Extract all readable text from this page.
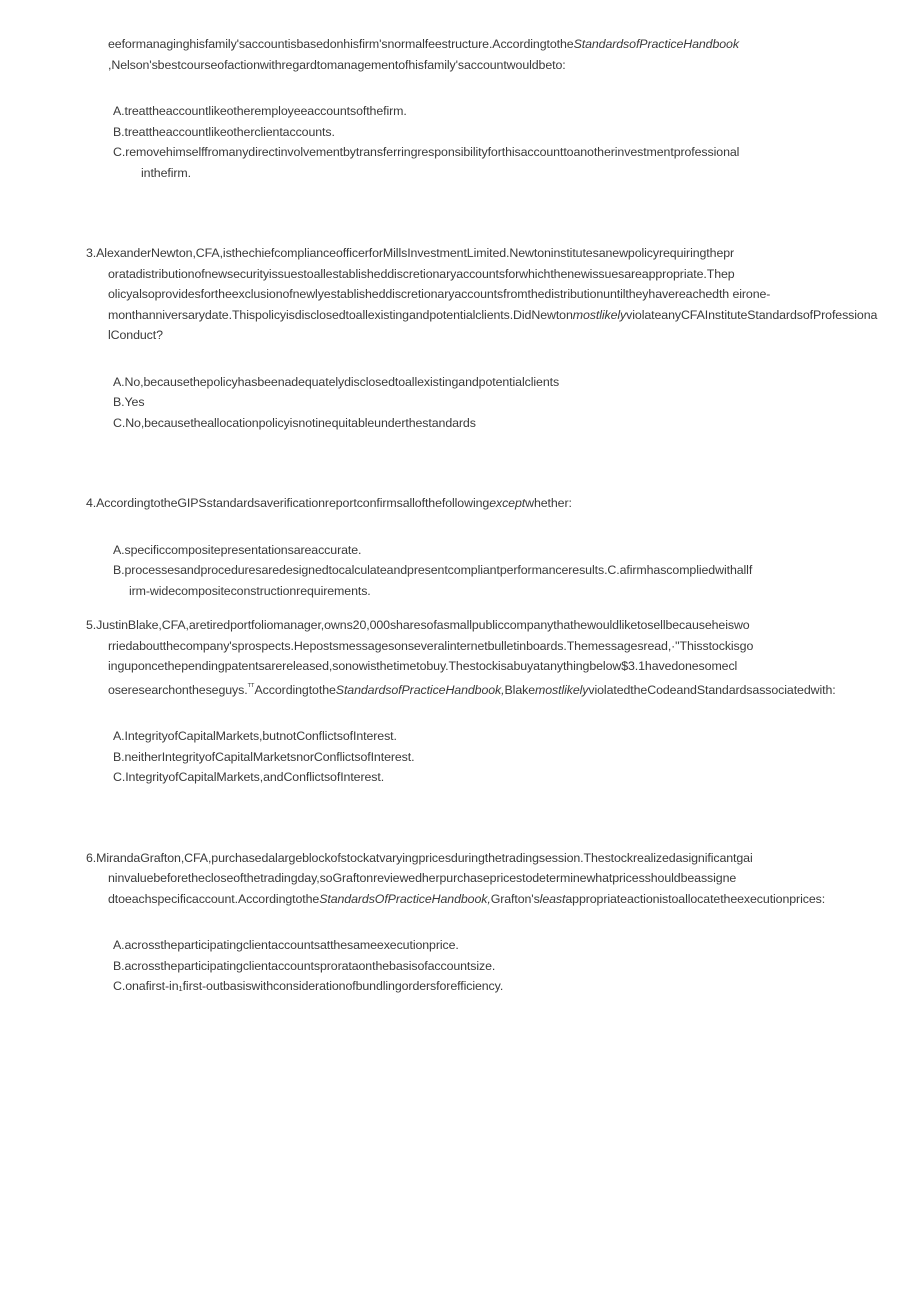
eeformanaginghisfamily'saccountisbasedonhisfirm'snormalfeestructure.AccordingtotheStandardsofPracticeHandbook
,Nelson'sbestcourseofactionwithregardtomanagementofhisfamily'saccountwouldbeto:
A.treattheaccountlikeotheremployeeaccountsofthefirm.
B.treattheaccountlikeotherclientaccounts.
C.removehimselffromanydirectinvolvementbytransferringresponsibilityforthisaccounttoanotherinvestmentprofessional
inthefirm.
3.AlexanderNewton,CFA,isthechiefcomplianceofficerforMillsInvestmentLimited.Newtoninstitutesanewpolicyrequiringthepr oratadistributionofnewsecurityissuestoallestablisheddiscretionaryaccountsforwhichthenewissuesareappropriate.Thep olicyalsoprovidesfortheexclusionofnewlyestablisheddiscretionaryaccountsfromthedistributionuntiltheyhavereachedth eirone- monthanniversarydate.Thispolicyisdisclosedtoallexistingandpotentialclients.DidNewtonmostlikelyviolateanyCFAInstituteStandardsofProfessionalConduct?
A.No,becausethepolicyhasbeenadequatelydisclosedtoallexistingandpotentialclients
B.Yes
C.No,becausetheallocationpolicyisnotinequitableunderthestandards
4.AccordingtotheGIPSstandardsaverificationreportconfirmsallofthefollowingexceptwhether:
A.specificcompositepresentationsareaccurate.
B.processesandproceduresaredesignedtocalculateandpresentcompliantperformanceresults.C.afirmhascompliedwithallf
irm-widecompositeconstructionrequirements.
5.JustinBlake,CFA,aretiredportfoliomanager,owns20,000sharesofasmallpubliccompanythathewouldliketosellbecauseheiswo rriedaboutthecompany'sprospects.Hepostsmessagesonseveralinternetbulletinboards.Themessagesread,·"Thisstockisgo inguponcethependingpatentsarereleased,sonowisthetimetobuy.Thestockisabuyatanythingbelow$3.1havedonesomecl oseresearchontheseguys.$^{ᵀᵀ}$AccordingtotheStandardsofPracticeHandbook,BlakemostlikelyviolatedtheCodeandStandardsassociatedwith:
A.IntegrityofCapitalMarkets,butnotConflictsofInterest.
B.neitherIntegrityofCapitalMarketsnorConflictsofInterest.
C.IntegrityofCapitalMarkets,andConflictsofInterest.
6.MirandaGrafton,CFA,purchasedalargeblockofstockatvaryingpricesduringthetradingsession.Thestockrealizedasignificantgai ninvaluebeforethecloseofthetradingday,soGraftonreviewedherpurchasepricestodeterminewhatpricesshouldbeassigne dtoeachspecificaccount.AccordingtotheStandardsOfPracticeHandbook,Grafton'sleastappropriateactionistoallocatetheexecutionprices:
A.acrosstheparticipatingclientaccountsatthesameexecutionprice.
B.acrosstheparticipatingclientaccountsprorataonthebasisofaccountsize.
C.onafirst-in₁first-outbasiswithconsiderationofbundlingordersforefficiency.
